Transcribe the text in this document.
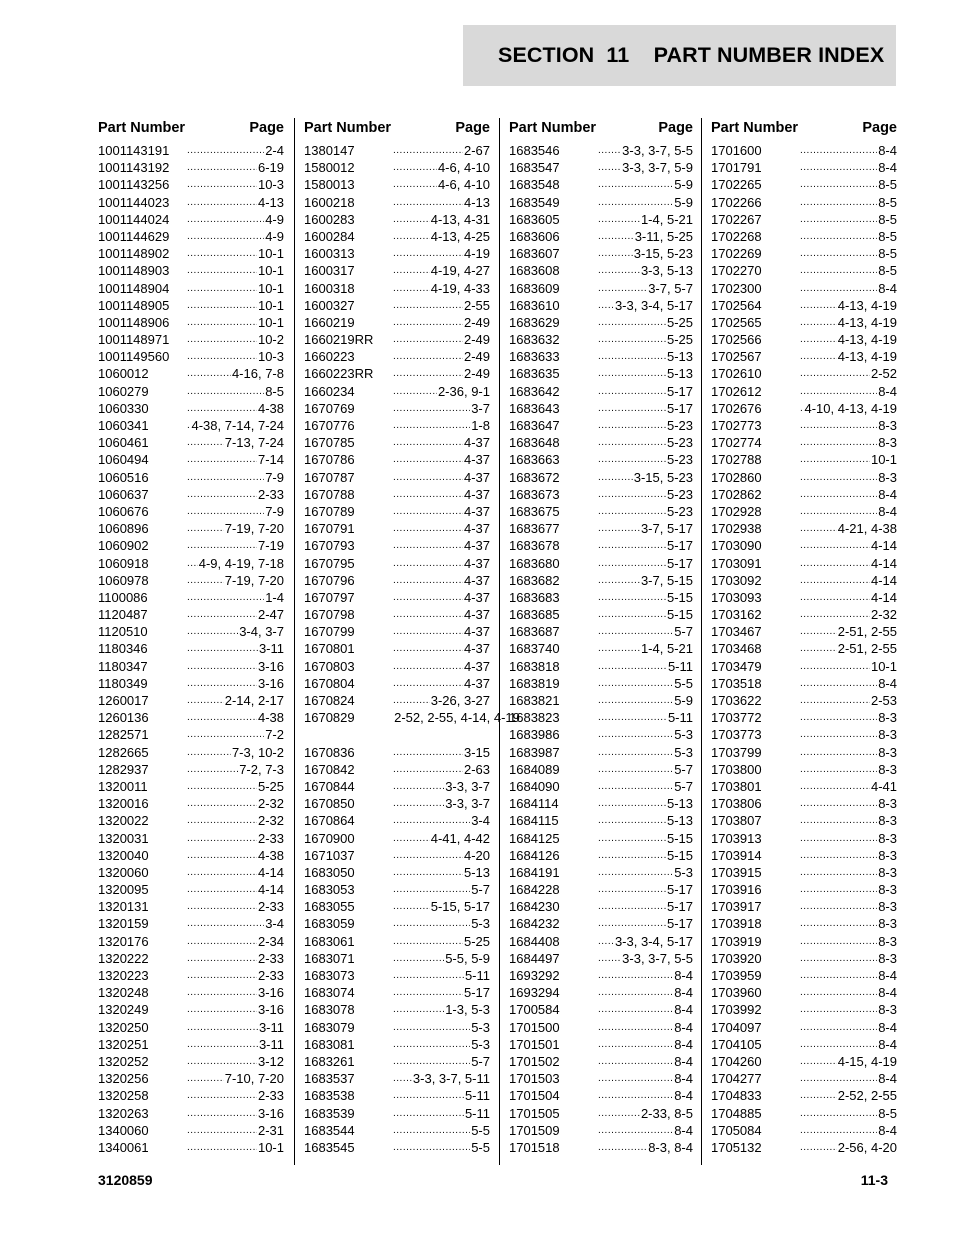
SECTION  11    PART NUMBER INDEX
Part Number	Page
1001143191 .....	2-4
1001143192 .....	6-19
1001143256 .....	10-3
1001144023 .....	4-13
1001144024 .....	4-9
1001144629 .....	4-9
1001148902 .....	10-1
1001148903 .....	10-1
1001148904 .....	10-1
1001148905 .....	10-1
1001148906 .....	10-1
1001148971 .....	10-2
1001149560 .....	10-3
1060012 .....	4-16, 7-8
1060279 .....	8-5
1060330 .....	4-38
1060341 .....	4-38, 7-14, 7-24
1060461 .....	7-13, 7-24
1060494 .....	7-14
1060516 .....	7-9
1060637 .....	2-33
1060676 .....	7-9
1060896 .....	7-19, 7-20
1060902 .....	7-19
1060918 .....	4-9, 4-19, 7-18
1060978 .....	7-19, 7-20
1100086 .....	1-4
1120487 .....	2-47
1120510 .....	3-4, 3-7
1180346 .....	3-11
1180347 .....	3-16
1180349 .....	3-16
1260017 .....	2-14, 2-17
1260136 .....	4-38
1282571 .....	7-2
1282665 .....	7-3, 10-2
1282937 .....	7-2, 7-3
1320011 .....	5-25
1320016 .....	2-32
1320022 .....	2-32
1320031 .....	2-33
1320040 .....	4-38
1320060 .....	4-14
1320095 .....	4-14
1320131 .....	2-33
1320159 .....	3-4
1320176 .....	2-34
1320222 .....	2-33
1320223 .....	2-33
1320248 .....	3-16
1320249 .....	3-16
1320250 .....	3-11
1320251 .....	3-11
1320252 .....	3-12
1320256 .....	7-10, 7-20
1320258 .....	2-33
1320263 .....	3-16
1340060 .....	2-31
1340061 .....	10-1
Part Number	Page
1380147 .....	2-67
1580012 .....	4-6, 4-10
1580013 .....	4-6, 4-10
1600218 .....	4-13
1600283 .....	4-13, 4-31
1600284 .....	4-13, 4-25
1600313 .....	4-19
1600317 .....	4-19, 4-27
1600318 .....	4-19, 4-33
1600327 .....	2-55
1660219 .....	2-49
1660219RR .....	2-49
1660223 .....	2-49
1660223RR .....	2-49
1660234 .....	2-36, 9-1
1670769 .....	3-7
1670776 .....	1-8
1670785 .....	4-37
1670786 .....	4-37
1670787 .....	4-37
1670788 .....	4-37
1670789 .....	4-37
1670791 .....	4-37
1670793 .....	4-37
1670795 .....	4-37
1670796 .....	4-37
1670797 .....	4-37
1670798 .....	4-37
1670799 .....	4-37
1670801 .....	4-37
1670803 .....	4-37
1670804 .....	4-37
1670824 .....	3-26, 3-27
1670829	2-52, 2-55, 4-14, 4-19
1670836 .....	3-15
1670842 .....	2-63
1670844 .....	3-3, 3-7
1670850 .....	3-3, 3-7
1670864 .....	3-4
1670900 .....	4-41, 4-42
1671037 .....	4-20
1683050 .....	5-13
1683053 .....	5-7
1683055 .....	5-15, 5-17
1683059 .....	5-3
1683061 .....	5-25
1683071 .....	5-5, 5-9
1683073 .....	5-11
1683074 .....	5-17
1683078 .....	1-3, 5-3
1683079 .....	5-3
1683081 .....	5-3
1683261 .....	5-7
1683537 .....	3-3, 3-7, 5-11
1683538 .....	5-11
1683539 .....	5-11
1683544 .....	5-5
1683545 .....	5-5
Part Number	Page
1683546 .....	3-3, 3-7, 5-5
1683547 .....	3-3, 3-7, 5-9
1683548 .....	5-9
1683549 .....	5-9
1683605 .....	1-4, 5-21
1683606 .....	3-11, 5-25
1683607 .....	3-15, 5-23
1683608 .....	3-3, 5-13
1683609 .....	3-7, 5-7
1683610 .....	3-3, 3-4, 5-17
1683629 .....	5-25
1683632 .....	5-25
1683633 .....	5-13
1683635 .....	5-13
1683642 .....	5-17
1683643 .....	5-17
1683647 .....	5-23
1683648 .....	5-23
1683663 .....	5-23
1683672 .....	3-15, 5-23
1683673 .....	5-23
1683675 .....	5-23
1683677 .....	3-7, 5-17
1683678 .....	5-17
1683680 .....	5-17
1683682 .....	3-7, 5-15
1683683 .....	5-15
1683685 .....	5-15
1683687 .....	5-7
1683740 .....	1-4, 5-21
1683818 .....	5-11
1683819 .....	5-5
1683821 .....	5-9
1683823 .....	5-11
1683986 .....	5-3
1683987 .....	5-3
1684089 .....	5-7
1684090 .....	5-7
1684114 .....	5-13
1684115 .....	5-13
1684125 .....	5-15
1684126 .....	5-15
1684191 .....	5-3
1684228 .....	5-17
1684230 .....	5-17
1684232 .....	5-17
1684408 .....	3-3, 3-4, 5-17
1684497 .....	3-3, 3-7, 5-5
1693292 .....	8-4
1693294 .....	8-4
1700584 .....	8-4
1701500 .....	8-4
1701501 .....	8-4
1701502 .....	8-4
1701503 .....	8-4
1701504 .....	8-4
1701505 .....	2-33, 8-5
1701509 .....	8-4
1701518 .....	8-3, 8-4
Part Number	Page
1701600 .....	8-4
1701791 .....	8-4
1702265 .....	8-5
1702266 .....	8-5
1702267 .....	8-5
1702268 .....	8-5
1702269 .....	8-5
1702270 .....	8-5
1702300 .....	8-4
1702564 .....	4-13, 4-19
1702565 .....	4-13, 4-19
1702566 .....	4-13, 4-19
1702567 .....	4-13, 4-19
1702610 .....	2-52
1702612 .....	8-4
1702676 .....	4-10, 4-13, 4-19
1702773 .....	8-3
1702774 .....	8-3
1702788 .....	10-1
1702860 .....	8-3
1702862 .....	8-4
1702928 .....	8-4
1702938 .....	4-21, 4-38
1703090 .....	4-14
1703091 .....	4-14
1703092 .....	4-14
1703093 .....	4-14
1703162 .....	2-32
1703467 .....	2-51, 2-55
1703468 .....	2-51, 2-55
1703479 .....	10-1
1703518 .....	8-4
1703622 .....	2-53
1703772 .....	8-3
1703773 .....	8-3
1703799 .....	8-3
1703800 .....	8-3
1703801 .....	4-41
1703806 .....	8-3
1703807 .....	8-3
1703913 .....	8-3
1703914 .....	8-3
1703915 .....	8-3
1703916 .....	8-3
1703917 .....	8-3
1703918 .....	8-3
1703919 .....	8-3
1703920 .....	8-3
1703959 .....	8-4
1703960 .....	8-4
1703992 .....	8-3
1704097 .....	8-4
1704105 .....	8-4
1704260 .....	4-15, 4-19
1704277 .....	8-4
1704833 .....	2-52, 2-55
1704885 .....	8-5
1705084 .....	8-4
1705132 .....	2-56, 4-20
3120859	11-3
